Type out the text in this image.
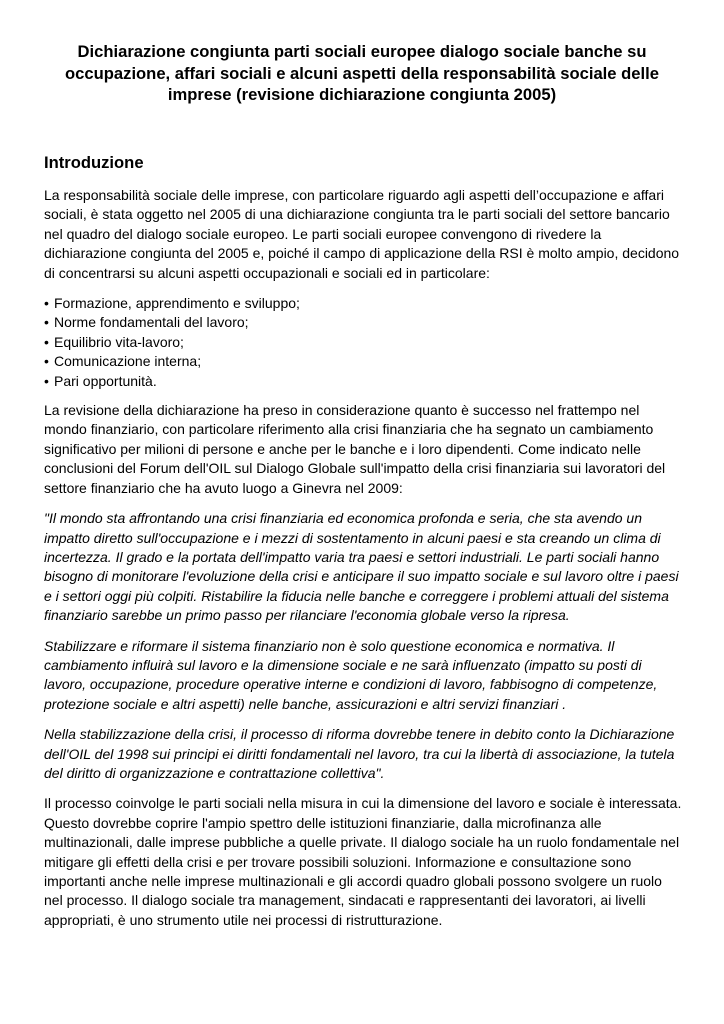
Dichiarazione congiunta parti sociali europee dialogo sociale banche su occupazione, affari sociali e alcuni aspetti della responsabilità sociale delle imprese (revisione dichiarazione congiunta 2005)
Introduzione

La responsabilità sociale delle imprese, con particolare riguardo agli aspetti dell’occupazione e affari sociali, è stata oggetto nel 2005 di una dichiarazione congiunta tra le parti sociali del settore bancario nel quadro del dialogo sociale europeo. Le parti sociali europee convengono di rivedere la dichiarazione congiunta del 2005 e, poiché il campo di applicazione della RSI è molto ampio, decidono di concentrarsi su alcuni aspetti occupazionali e sociali ed in particolare:

• Formazione, apprendimento e sviluppo;
• Norme fondamentali del lavoro;
• Equilibrio vita-lavoro;
• Comunicazione interna;
• Pari opportunità.

La revisione della dichiarazione ha preso in considerazione quanto è successo nel frattempo nel mondo finanziario, con particolare riferimento alla crisi finanziaria che ha segnato un cambiamento significativo per milioni di persone e anche per le banche e i loro dipendenti. Come indicato nelle conclusioni del Forum dell'OIL sul Dialogo Globale sull'impatto della crisi finanziaria sui lavoratori del settore finanziario che ha avuto luogo a Ginevra nel 2009:

"Il mondo sta affrontando una crisi finanziaria ed economica profonda e seria, che sta avendo un impatto diretto sull'occupazione e i mezzi di sostentamento in alcuni paesi e sta creando un clima di incertezza. Il grado e la portata dell'impatto varia tra paesi e settori industriali. Le parti sociali hanno bisogno di monitorare l'evoluzione della crisi e anticipare il suo impatto sociale e sul lavoro oltre i paesi e i settori oggi più colpiti. Ristabilire la fiducia nelle banche e correggere i problemi attuali del sistema finanziario sarebbe un primo passo per rilanciare l'economia globale verso la ripresa.

Stabilizzare e riformare il sistema finanziario non è solo questione economica e normativa. Il cambiamento influirà sul lavoro e la dimensione sociale e ne sarà influenzato (impatto su posti di lavoro, occupazione, procedure operative interne e condizioni di lavoro, fabbisogno di competenze, protezione sociale e altri aspetti) nelle banche, assicurazioni e altri servizi finanziari .

Nella stabilizzazione della crisi, il processo di riforma dovrebbe tenere in debito conto la Dichiarazione dell'OIL del 1998 sui principi ei diritti fondamentali nel lavoro, tra cui la libertà di associazione, la tutela del diritto di organizzazione e contrattazione collettiva".

Il processo coinvolge le parti sociali nella misura in cui la dimensione del lavoro e sociale è interessata. Questo dovrebbe coprire l'ampio spettro delle istituzioni finanziarie, dalla microfinanza alle multinazionali, dalle imprese pubbliche a quelle private. Il dialogo sociale ha un ruolo fondamentale nel mitigare gli effetti della crisi e per trovare possibili soluzioni. Informazione e consultazione sono importanti anche nelle imprese multinazionali e gli accordi quadro globali possono svolgere un ruolo nel processo. Il dialogo sociale tra management, sindacati e rappresentanti dei lavoratori, ai livelli appropriati, è uno strumento utile nei processi di ristrutturazione.
